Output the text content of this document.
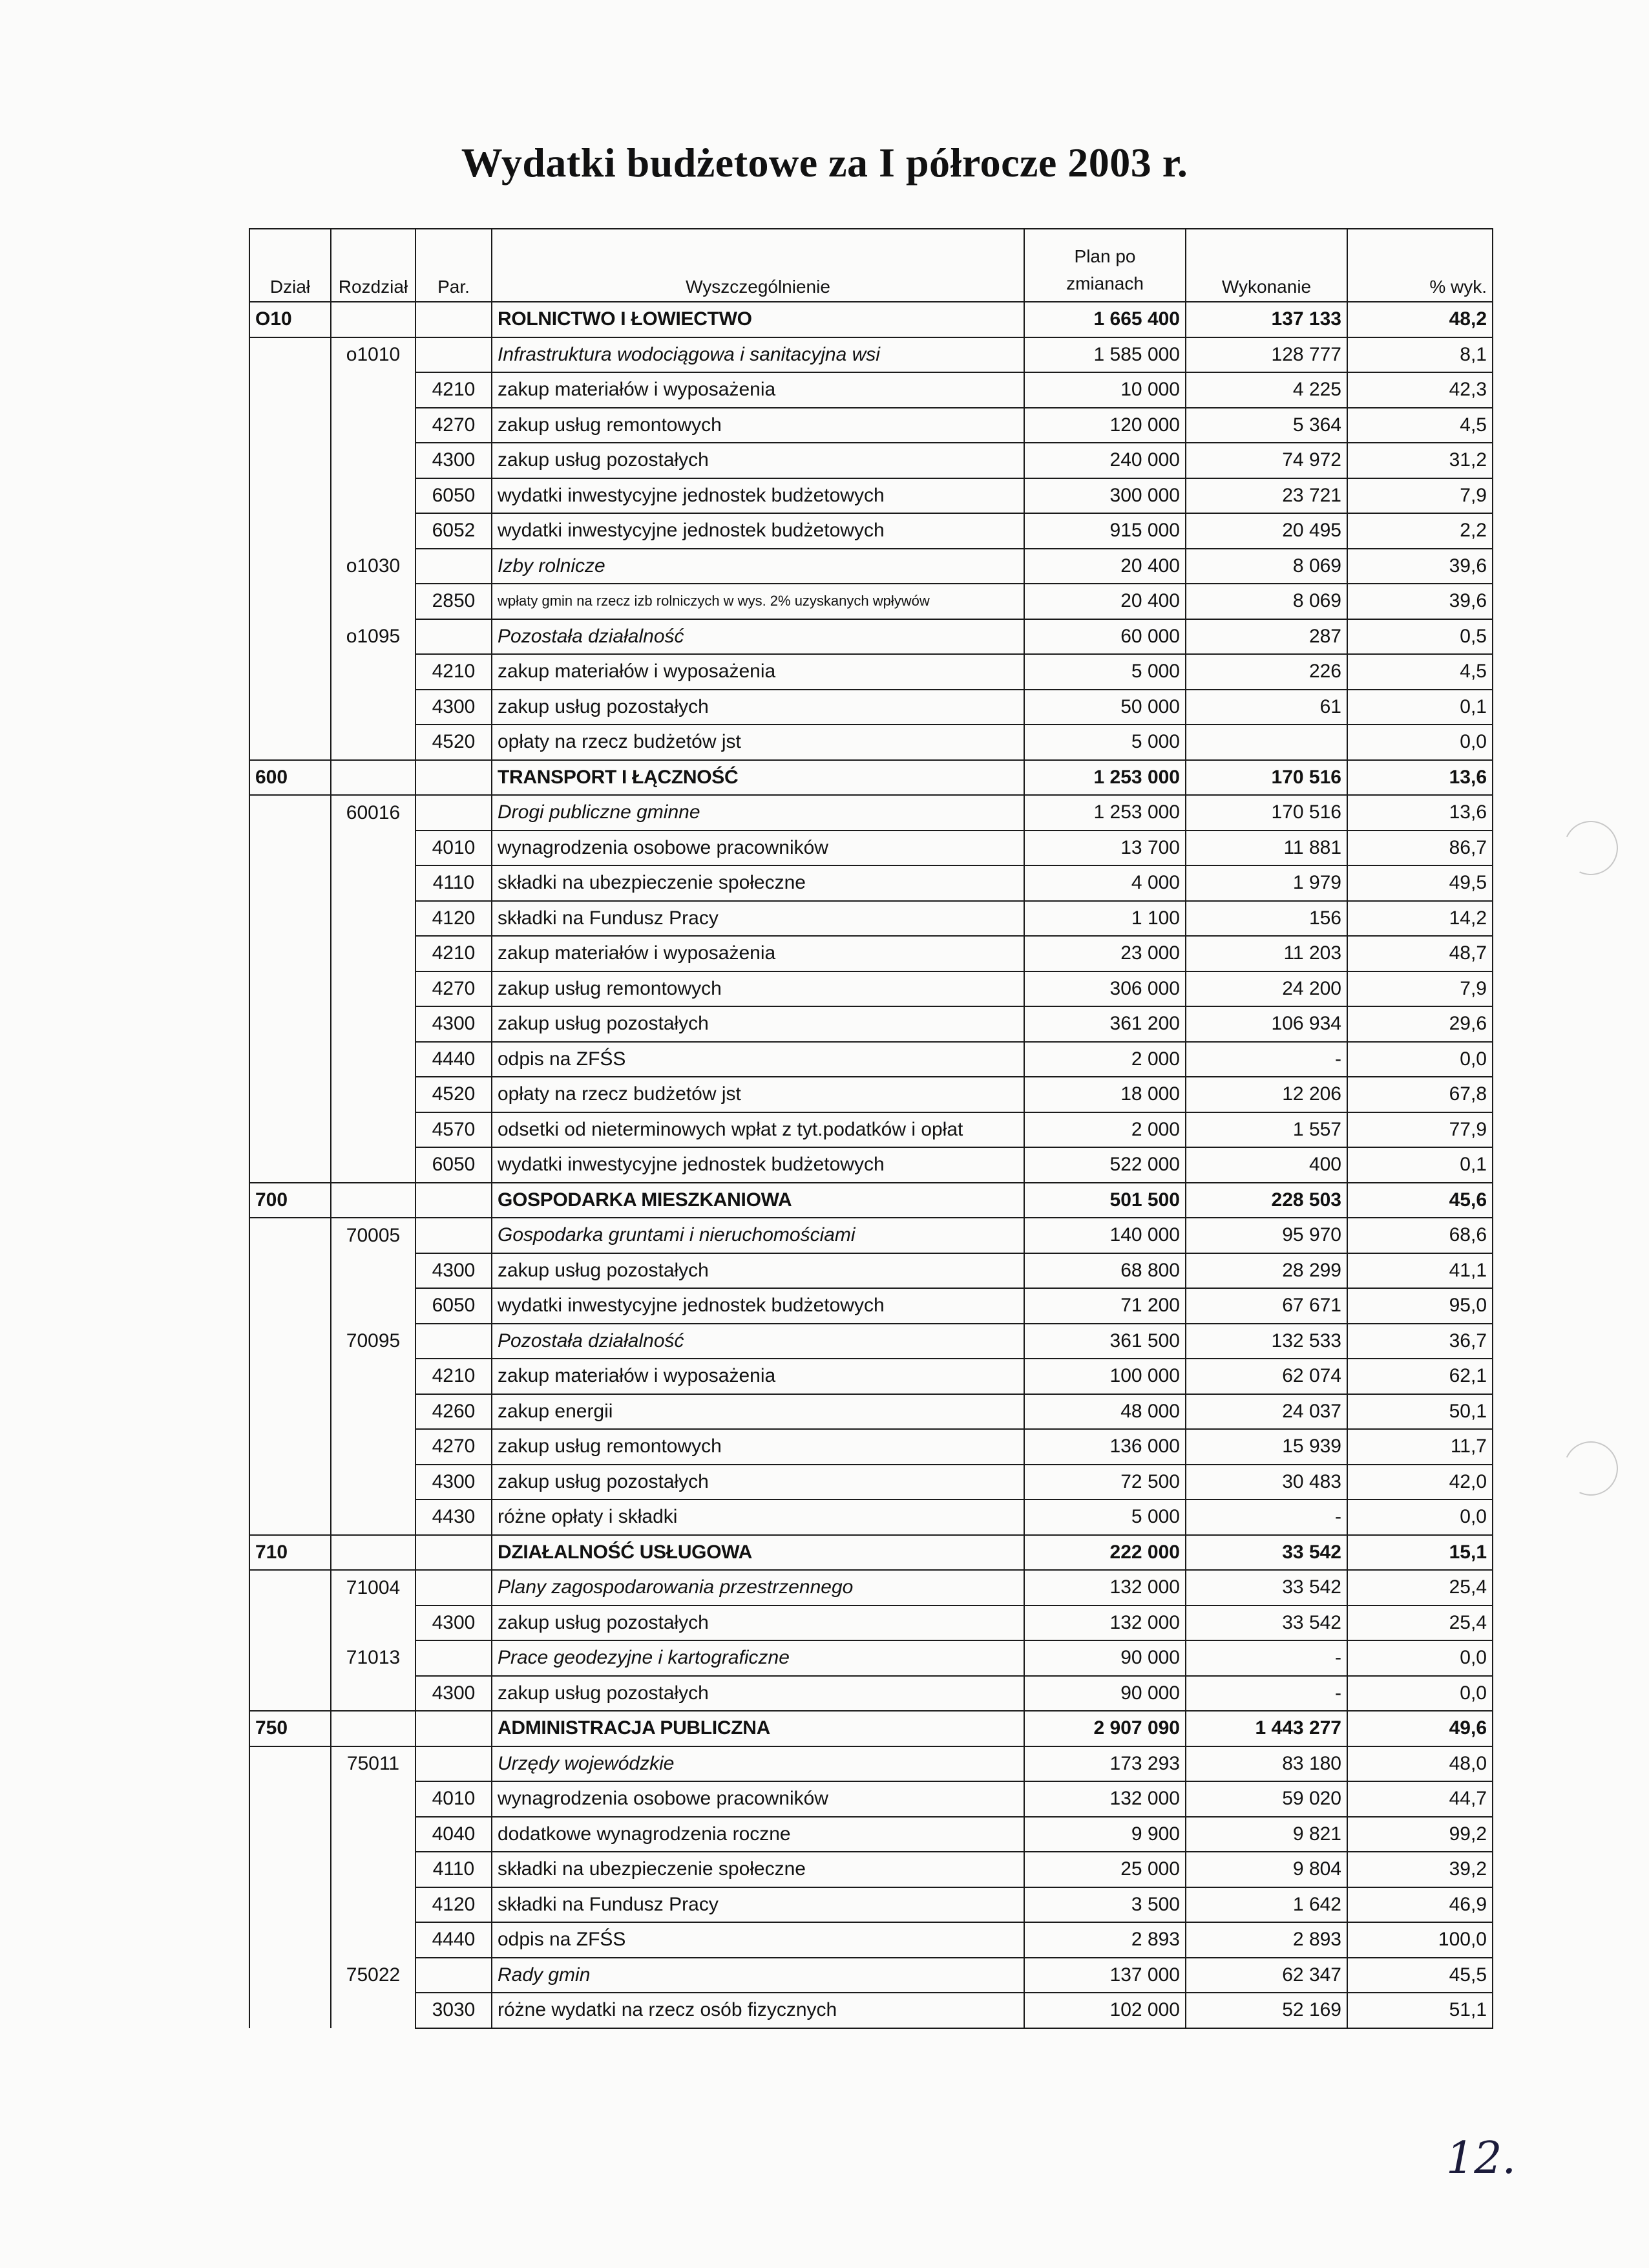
Wydatki budżetowe za I półrocze 2003 r.
Dział	Rozdział	Par.	Wyszczególnienie	Plan po
zmianach	Wykonanie	% wyk.
O10			ROLNICTWO I ŁOWIECTWO	1 665 400	137 133	48,2
	o1010		Infrastruktura wodociągowa i sanitacyjna wsi	1 585 000	128 777	8,1
		4210	zakup materiałów i wyposażenia	10 000	4 225	42,3
		4270	zakup usług remontowych	120 000	5 364	4,5
		4300	zakup usług pozostałych	240 000	74 972	31,2
		6050	wydatki inwestycyjne jednostek budżetowych	300 000	23 721	7,9
		6052	wydatki inwestycyjne jednostek budżetowych	915 000	20 495	2,2
	o1030		Izby rolnicze	20 400	8 069	39,6
		2850	wpłaty gmin na rzecz izb rolniczych w wys. 2% uzyskanych wpływów	20 400	8 069	39,6
	o1095		Pozostała działalność	60 000	287	0,5
		4210	zakup materiałów i wyposażenia	5 000	226	4,5
		4300	zakup usług pozostałych	50 000	61	0,1
		4520	opłaty na rzecz budżetów jst	5 000		0,0
600			TRANSPORT I ŁĄCZNOŚĆ	1 253 000	170 516	13,6
	60016		Drogi publiczne gminne	1 253 000	170 516	13,6
		4010	wynagrodzenia osobowe pracowników	13 700	11 881	86,7
		4110	składki na ubezpieczenie społeczne	4 000	1 979	49,5
		4120	składki na Fundusz Pracy	1 100	156	14,2
		4210	zakup materiałów i wyposażenia	23 000	11 203	48,7
		4270	zakup usług remontowych	306 000	24 200	7,9
		4300	zakup usług pozostałych	361 200	106 934	29,6
		4440	odpis na ZFŚS	2 000	-	0,0
		4520	opłaty na rzecz budżetów jst	18 000	12 206	67,8
		4570	odsetki od nieterminowych wpłat z tyt.podatków i opłat	2 000	1 557	77,9
		6050	wydatki inwestycyjne jednostek budżetowych	522 000	400	0,1
700			GOSPODARKA MIESZKANIOWA	501 500	228 503	45,6
	70005		Gospodarka gruntami i nieruchomościami	140 000	95 970	68,6
		4300	zakup usług pozostałych	68 800	28 299	41,1
		6050	wydatki inwestycyjne jednostek budżetowych	71 200	67 671	95,0
	70095		Pozostała działalność	361 500	132 533	36,7
		4210	zakup materiałów i wyposażenia	100 000	62 074	62,1
		4260	zakup energii	48 000	24 037	50,1
		4270	zakup usług remontowych	136 000	15 939	11,7
		4300	zakup usług pozostałych	72 500	30 483	42,0
		4430	różne opłaty i składki	5 000	-	0,0
710			DZIAŁALNOŚĆ USŁUGOWA	222 000	33 542	15,1
	71004		Plany zagospodarowania przestrzennego	132 000	33 542	25,4
		4300	zakup usług pozostałych	132 000	33 542	25,4
	71013		Prace geodezyjne i kartograficzne	90 000	-	0,0
		4300	zakup usług pozostałych	90 000	-	0,0
750			ADMINISTRACJA PUBLICZNA	2 907 090	1 443 277	49,6
	75011		Urzędy wojewódzkie	173 293	83 180	48,0
		4010	wynagrodzenia osobowe pracowników	132 000	59 020	44,7
		4040	dodatkowe wynagrodzenia roczne	9 900	9 821	99,2
		4110	składki na ubezpieczenie społeczne	25 000	9 804	39,2
		4120	składki na Fundusz Pracy	3 500	1 642	46,9
		4440	odpis na ZFŚS	2 893	2 893	100,0
	75022		Rady gmin	137 000	62 347	45,5
		3030	różne wydatki na rzecz osób fizycznych	102 000	52 169	51,1
12.
